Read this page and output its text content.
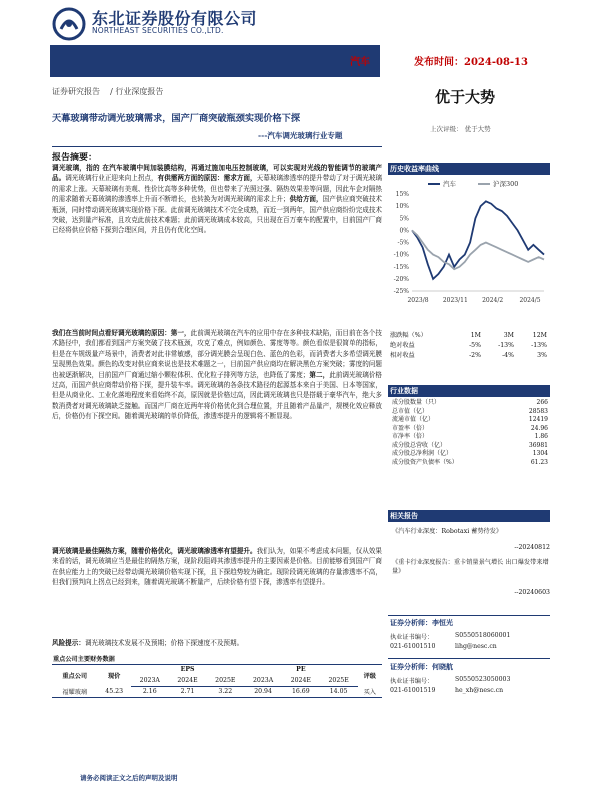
东北证券股份有限公司
NORTHEAST SECURITIES CO.,LTD.
汽车	发布时间：2024-08-13
证券研究报告 / 行业深度报告	优于大势
上次评级： 优于大势
天幕玻璃带动调光玻璃需求，国产厂商突破瓶颈实现价格下探
---汽车调光玻璃行业专题
报告摘要：
调光玻璃，指的 在汽车玻璃中间加装膜结构，再通过施加电压控制玻璃，可以实现对光线的智能调节的玻璃产品。调光玻璃行业正迎来向上拐点，有供需两方面的原因：需求方面，天幕玻璃渗透率的提升带动了对于调光玻璃的需求上涨。天幕玻璃有美观、性价比高等多种优势，但也带来了光照过强、隔热效果差等问题，因此车企对隔热的需求随着天幕玻璃的渗透率上升而不断增长，也转换为对调光玻璃的需求上升；供给方面，国产供应商突破技术瓶颈，同时带动调光玻璃实现价格下探。此前调光玻璃技术不完全成熟，而近一到两年，国产供应商纷纷完成技术突破，达到量产标准，且攻克此前技术难题；此前调光玻璃成本较高，只出现在百万豪车的配置中，目前国产厂商已经将供应价格下探到合理区间，并且仍有优化空间。
我们在当前时间点看好调光玻璃的原因：第一，此前调光玻璃在汽车的应用中存在多种技术缺陷，而目前在各个技术路径中，我们都看到国产方案突破了技术瓶颈，攻克了难点，例如颜色、雾度等等。颜色看似是很简单的指标，但是在车规级量产场景中，消费者对此非常敏感，部分调光膜会呈现白色、蓝色的色彩，而消费者大多希望调光膜呈现黑色效果。颜色的改变对供应商来说也是技术难题之一，目前国产供应商均在解决黑色方案突破；雾度的问题也被逐渐解决，目前国产厂商通过缩小颗粒体积、优化粒子排列等方法，也降低了雾度；第二，此前调光玻璃价格过高，而国产供应商带动价格下探，提升装车率。调光玻璃的各条技术路径的起源基本来自于美国、日本等国家，但是从商业化、工业化落地程度来看始终不高，原因就是价格过高，因此调光玻璃也只是搭载于豪华汽车，绝大多数消费者对调光玻璃缺乏接触。而国产厂商在近两年将价格优化到合理位置，并且随着产品量产，规模化效应释放后，价格仍有下探空间。随着调光玻璃的单价降低，渗透率提升的逻辑将不断显现。
调光玻璃是最佳隔热方案，随着价格优化，调光玻璃渗透率有望提升。我们认为，如果不考虑成本问题，仅从效果来看的话，调光玻璃应当是最佳的隔热方案，现阶段阻碍其渗透率提升的主要因素是价格。目前能够看到国产厂商在供应能力上的突破已经带动调光玻璃价格实现下探，且下探趋势较为确定。现阶段调光玻璃的存量渗透率不高，但我们预判向上拐点已经到来，随着调光玻璃不断量产，后续价格有望下探，渗透率有望提升。
风险提示：调光玻璃技术发展不及预期；价格下探速度不及预期。
重点公司主要财务数据								
重点公司	现价	EPS			PE			评级
		2023A	2024E	2025E	2023A	2024E	2025E	
福耀玻璃	45.23	2.16	2.71	3.22	20.94	16.69	14.05	买入
历史收益率曲线
汽车	沪深300
15%
10%
5%
0%
-5%
-10%
-15%
-20%
-25%
2023/8 2023/11 2024/2	2024/5
涨跌幅（%）	1M	3M	12M
绝对收益	-5%	-13%	-13%
相对收益	-2%	-4%	3%
行业数据
成分股数量（只）	266
总市值（亿）	28583
流通市值（亿）	12419
市盈率（倍）	24.96
市净率（倍）	1.86
成分股总营收（亿）	36981
成分股总净利润（亿）	1304
成分股资产负债率（%）	61.23
相关报告
《汽车行业深度：Robotaxi 蓄势待发》
--20240812
《重卡行业深度报告：重卡销量景气增长 出口爆发带来增量》
--20240603
证券分析师：李恒光
执业证书编号：	S0550518060001
021-61001510	lihg@nesc.cn
证券分析师：何晓航
执业证书编号：	S0550523050003
021-61001519	he_xh@nesc.cn
请务必阅读正文之后的声明及说明
